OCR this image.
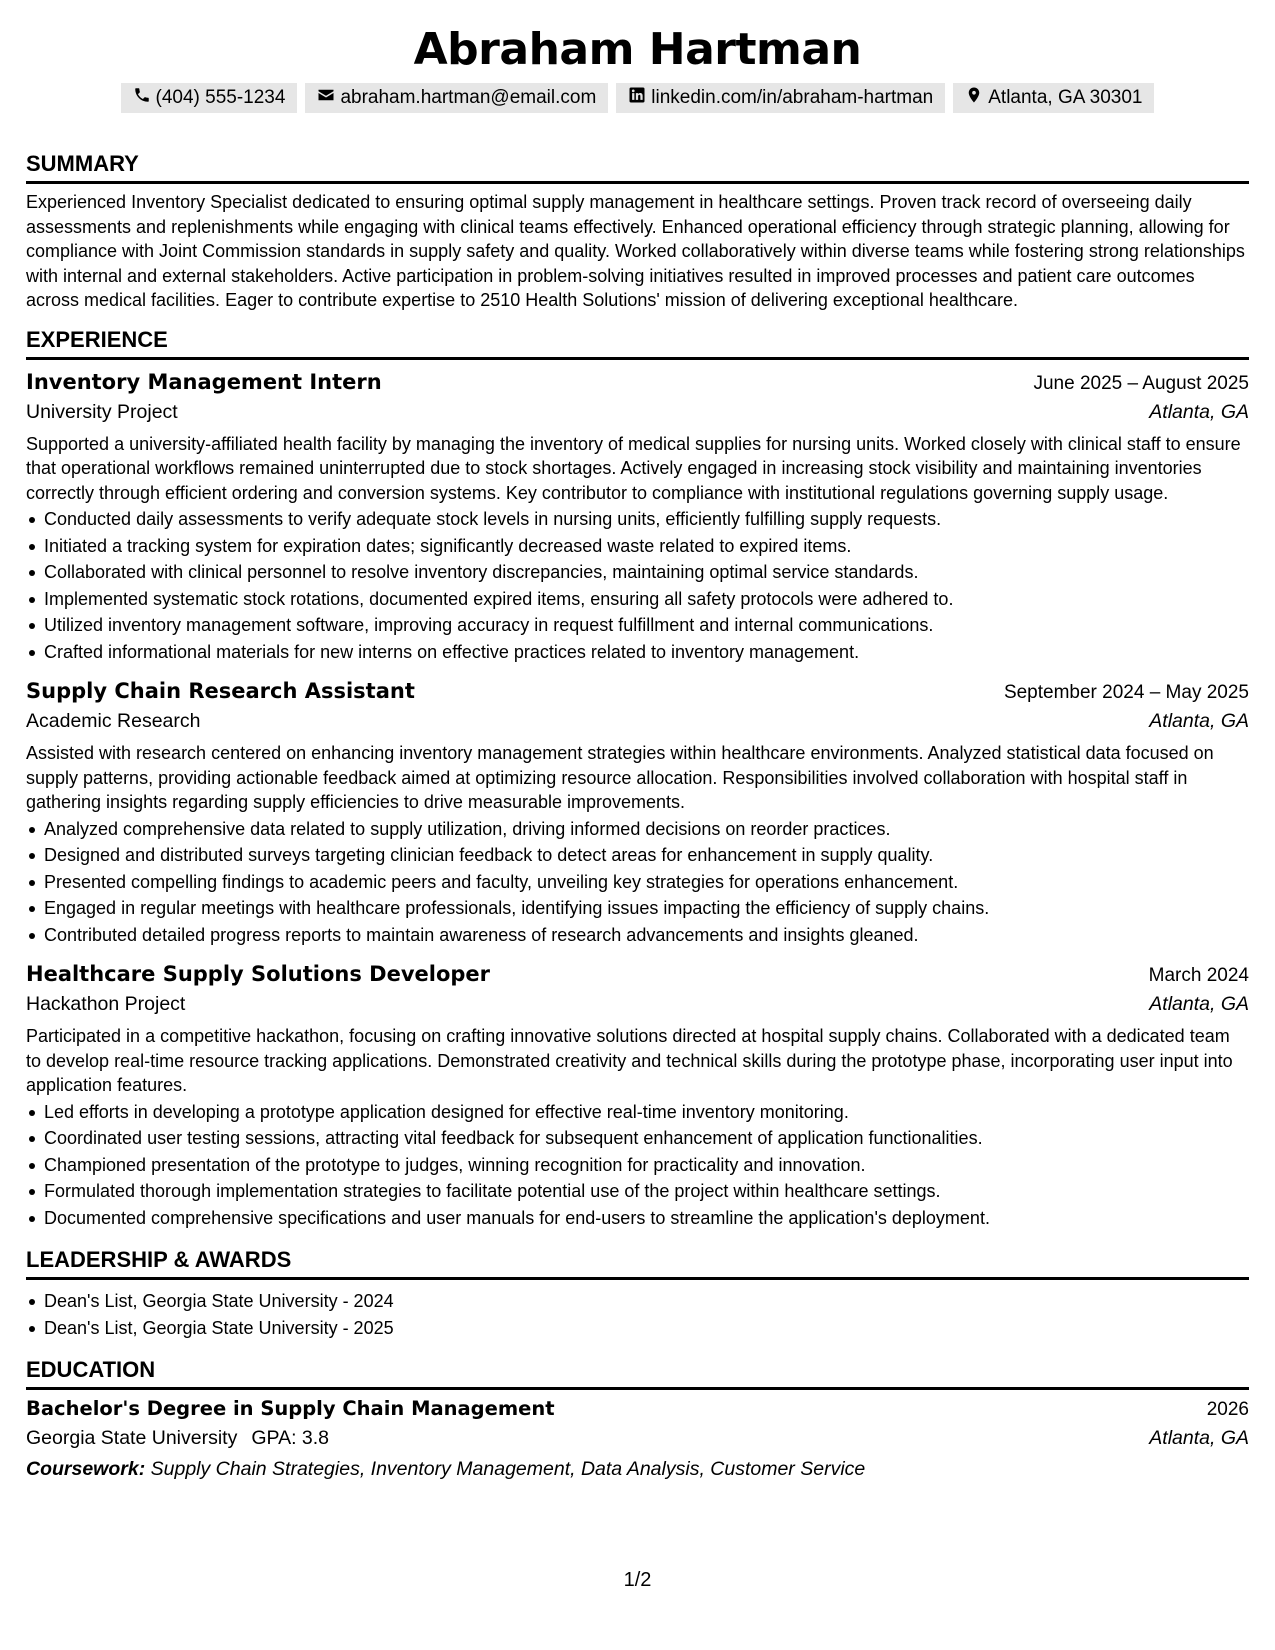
Abraham Hartman
(404) 555-1234	abraham.hartman@email.com	linkedin.com/in/abraham-hartman	Atlanta, GA 30301
SUMMARY

Experienced Inventory Specialist dedicated to ensuring optimal supply management in healthcare settings. Proven track record of overseeing daily assessments and replenishments while engaging with clinical teams effectively. Enhanced operational efficiency through strategic planning, allowing for compliance with Joint Commission standards in supply safety and quality. Worked collaboratively within diverse teams while fostering strong relationships with internal and external stakeholders. Active participation in problem-solving initiatives resulted in improved processes and patient care outcomes across medical facilities. Eager to contribute expertise to 2510 Health Solutions' mission of delivering exceptional healthcare.

EXPERIENCE
Inventory Management Intern	June 2025 – August 2025
University Project	Atlanta, GA

Supported a university-affiliated health facility by managing the inventory of medical supplies for nursing units. Worked closely with clinical staff to ensure that operational workflows remained uninterrupted due to stock shortages. Actively engaged in increasing stock visibility and maintaining inventories correctly through efficient ordering and conversion systems. Key contributor to compliance with institutional regulations governing supply usage.

Conducted daily assessments to verify adequate stock levels in nursing units, efficiently fulfilling supply requests.
Initiated a tracking system for expiration dates; significantly decreased waste related to expired items.
Collaborated with clinical personnel to resolve inventory discrepancies, maintaining optimal service standards.
Implemented systematic stock rotations, documented expired items, ensuring all safety protocols were adhered to.
Utilized inventory management software, improving accuracy in request fulfillment and internal communications.
Crafted informational materials for new interns on effective practices related to inventory management.
Supply Chain Research Assistant	September 2024 – May 2025
Academic Research	Atlanta, GA

Assisted with research centered on enhancing inventory management strategies within healthcare environments. Analyzed statistical data focused on supply patterns, providing actionable feedback aimed at optimizing resource allocation. Responsibilities involved collaboration with hospital staff in gathering insights regarding supply efficiencies to drive measurable improvements.

Analyzed comprehensive data related to supply utilization, driving informed decisions on reorder practices.
Designed and distributed surveys targeting clinician feedback to detect areas for enhancement in supply quality.
Presented compelling findings to academic peers and faculty, unveiling key strategies for operations enhancement.
Engaged in regular meetings with healthcare professionals, identifying issues impacting the efficiency of supply chains.
Contributed detailed progress reports to maintain awareness of research advancements and insights gleaned.
Healthcare Supply Solutions Developer	March 2024
Hackathon Project	Atlanta, GA

Participated in a competitive hackathon, focusing on crafting innovative solutions directed at hospital supply chains. Collaborated with a dedicated team to develop real-time resource tracking applications. Demonstrated creativity and technical skills during the prototype phase, incorporating user input into application features.

Led efforts in developing a prototype application designed for effective real-time inventory monitoring.
Coordinated user testing sessions, attracting vital feedback for subsequent enhancement of application functionalities.
Championed presentation of the prototype to judges, winning recognition for practicality and innovation.
Formulated thorough implementation strategies to facilitate potential use of the project within healthcare settings.
Documented comprehensive specifications and user manuals for end-users to streamline the application's deployment.
LEADERSHIP & AWARDS
Dean's List, Georgia State University - 2024
Dean's List, Georgia State University - 2025
EDUCATION
Bachelor's Degree in Supply Chain Management	2026
Georgia State University GPA: 3.8	Atlanta, GA
Coursework: Supply Chain Strategies, Inventory Management, Data Analysis, Customer Service
1/2
